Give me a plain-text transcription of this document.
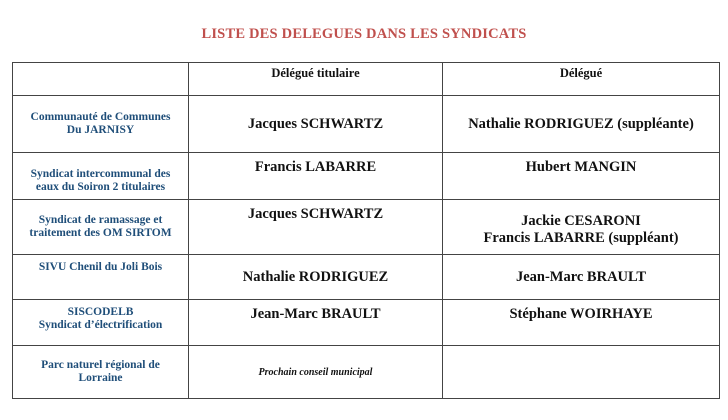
LISTE DES DELEGUES DANS LES SYNDICATS
	Délégué titulaire	Délégué

Communauté de Communes
Du JARNISY	Jacques SCHWARTZ	Nathalie RODRIGUEZ (suppléante)

Syndicat intercommunal des
eaux du Soiron 2 titulaires	Francis LABARRE	Hubert MANGIN

Syndicat de ramassage et
traitement des OM SIRTOM	Jacques SCHWARTZ	Jackie CESARONI
Francis LABARRE (suppléant)

SIVU Chenil du Joli Bois	Nathalie RODRIGUEZ	Jean-Marc BRAULT

SISCODELB
Syndicat d’électrification	Jean-Marc BRAULT	Stéphane WOIRHAYE

Parc naturel régional de
Lorraine	Prochain conseil municipal	
